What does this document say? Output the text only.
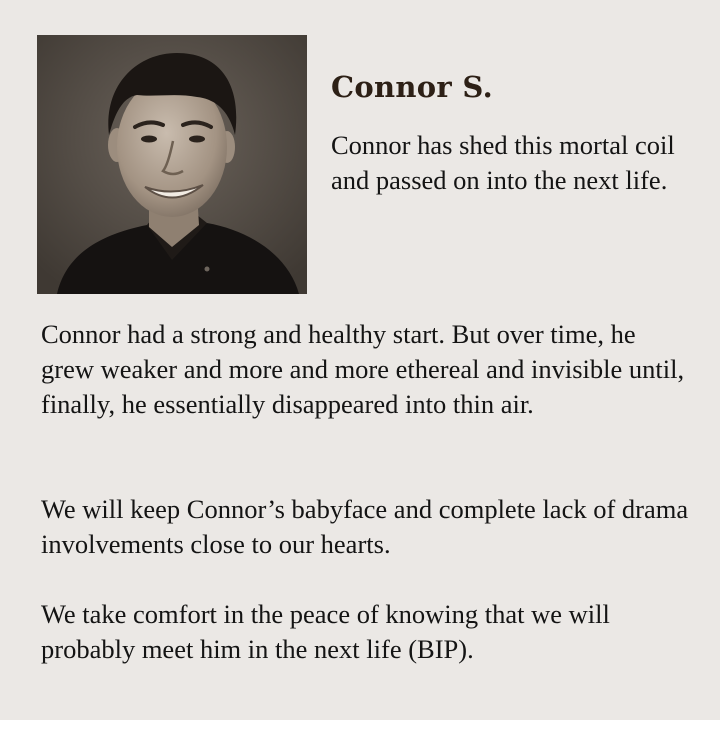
Connor S.

Connor has shed this mortal coil and passed on into the next life.

Connor had a strong and healthy start. But over time, he grew weaker and more and more ethereal and invisible until, finally, he essentially disappeared into thin air.

We will keep Connor’s babyface and complete lack of drama involvements close to our hearts.

We take comfort in the peace of knowing that we will probably meet him in the next life (BIP).
